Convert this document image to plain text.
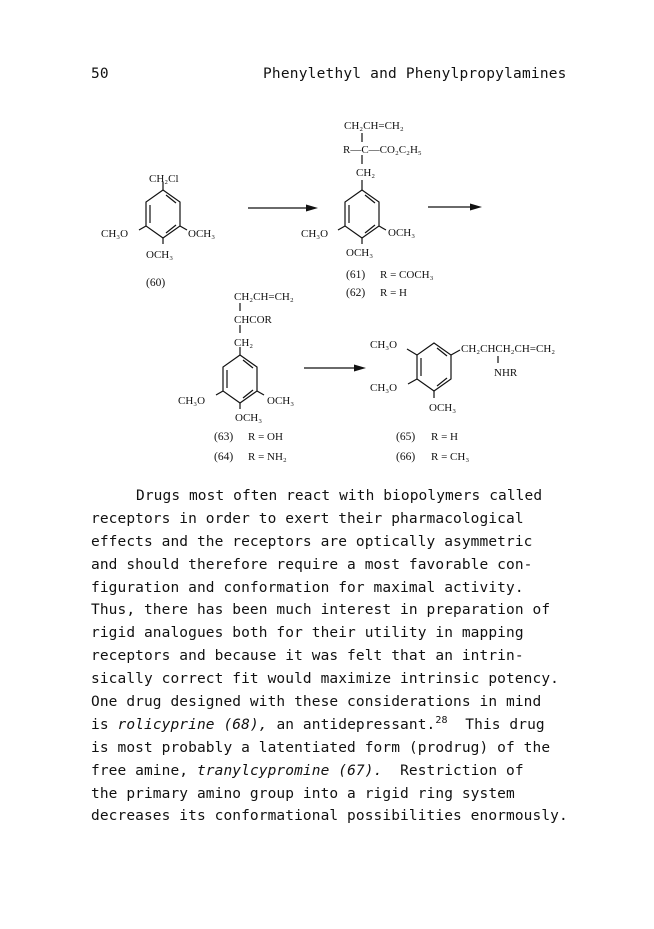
50	Phenylethyl and Phenylpropylamines
CH₂Cl
CH₃O	OCH₃
OCH₃
(60)
CH₂CH=CH₂
R—C—CO₂C₂H₅
CH₂
CH₃O	OCH₃
OCH₃
(61) R = COCH₃
(62) R = H
CH₂CH=CH₂
CHCOR
CH₂
CH₃O	OCH₃
OCH₃
(63) R = OH
(64) R = NH₂
CH₃O	CH₂CHCH₂CH=CH₂
NHR
CH₃O
OCH₃
(65) R = H
(66) R = CH₃
Drugs most often react with biopolymers called
receptors in order to exert their pharmacological
effects and the receptors are optically asymmetric
and should therefore require a most favorable con-
figuration and conformation for maximal activity.
Thus, there has been much interest in preparation of
rigid analogues both for their utility in mapping
receptors and because it was felt that an intrin-
sically correct fit would maximize intrinsic potency.
One drug designed with these considerations in mind
is rolicyprine (68), an antidepressant.$^{28}$  This drug
is most probably a latentiated form (prodrug) of the
free amine, tranylcypromine (67).  Restriction of
the primary amino group into a rigid ring system
decreases its conformational possibilities enormously.
